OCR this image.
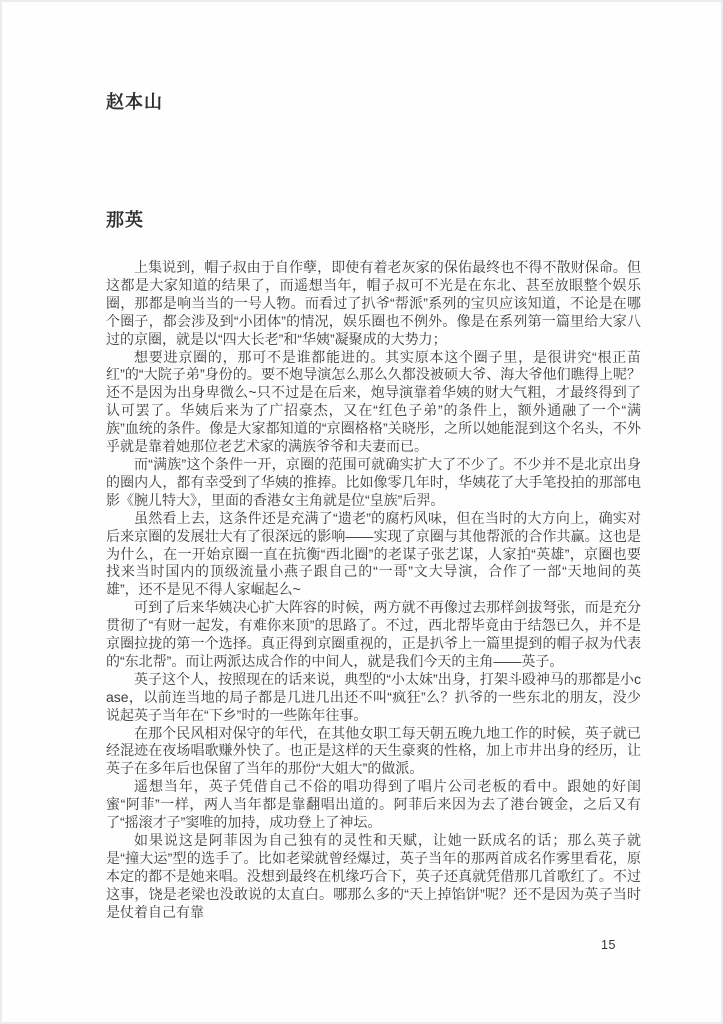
赵本山
那英

上集说到，帽子叔由于自作孽，即使有着老灰家的保佑最终也不得不散财保命。但这都是大家知道的结果了，而遥想当年，帽子叔可不光是在东北、甚至放眼整个娱乐圈，那都是响当当的一号人物。而看过了扒爷“帮派”系列的宝贝应该知道，不论是在哪个圈子，都会涉及到“小团体”的情况，娱乐圈也不例外。像是在系列第一篇里给大家八过的京圈，就是以“四大长老”和“华姨”凝聚成的大势力；

想要进京圈的，那可不是谁都能进的。其实原本这个圈子里，是很讲究“根正苗红”的“大院子弟”身份的。要不炮导演怎么那么久都没被硕大爷、海大爷他们瞧得上呢？还不是因为出身卑微么~只不过是在后来，炮导演靠着华姨的财大气粗，才最终得到了认可罢了。华姨后来为了广招豪杰，又在“红色子弟”的条件上，额外通融了一个“满族”血统的条件。像是大家都知道的“京圈格格”关晓彤，之所以她能混到这个名头，不外乎就是靠着她那位老艺术家的满族爷爷和夫妻而已。

而“满族”这个条件一开，京圈的范围可就确实扩大了不少了。不少并不是北京出身的圈内人，都有幸受到了华姨的推捧。比如像零几年时，华姨花了大手笔投拍的那部电影《腕儿特大》，里面的香港女主角就是位“皇族”后羿。

虽然看上去，这条件还是充满了“遗老”的腐朽风味，但在当时的大方向上，确实对后来京圈的发展壮大有了很深远的影响——实现了京圈与其他帮派的合作共赢。这也是为什么，在一开始京圈一直在抗衡“西北圈”的老谋子张艺谋，人家拍“英雄”，京圈也要找来当时国内的顶级流量小燕子跟自己的“一哥”文大导演，合作了一部“天地间的英雄”，还不是见不得人家崛起么~

可到了后来华姨决心扩大阵容的时候，两方就不再像过去那样剑拔弩张，而是充分贯彻了“有财一起发，有难你来顶”的思路了。不过，西北帮毕竟由于结怨已久，并不是京圈拉拢的第一个选择。真正得到京圈重视的，正是扒爷上一篇里提到的帽子叔为代表的“东北帮”。而让两派达成合作的中间人，就是我们今天的主角——英子。

英子这个人，按照现在的话来说，典型的“小太妹”出身，打架斗殴神马的那都是小case，以前连当地的局子都是几进几出还不叫“疯狂”么？扒爷的一些东北的朋友，没少说起英子当年在“下乡”时的一些陈年往事。

在那个民风相对保守的年代，在其他女职工每天朝五晚九地工作的时候，英子就已经混迹在夜场唱歌赚外快了。也正是这样的天生豪爽的性格，加上市井出身的经历，让英子在多年后也保留了当年的那份“大姐大”的做派。

遥想当年，英子凭借自己不俗的唱功得到了唱片公司老板的看中。跟她的好闺蜜“阿菲”一样，两人当年都是靠翻唱出道的。阿菲后来因为去了港台镀金，之后又有了“摇滚才子”窦唯的加持，成功登上了神坛。

如果说这是阿菲因为自己独有的灵性和天赋，让她一跃成名的话；那么英子就是“撞大运”型的选手了。比如老梁就曾经爆过，英子当年的那两首成名作雾里看花，原本定的都不是她来唱。没想到最终在机缘巧合下，英子还真就凭借那几首歌红了。不过这事，饶是老梁也没敢说的太直白。哪那么多的“天上掉馅饼”呢？还不是因为英子当时是仗着自己有靠

15
